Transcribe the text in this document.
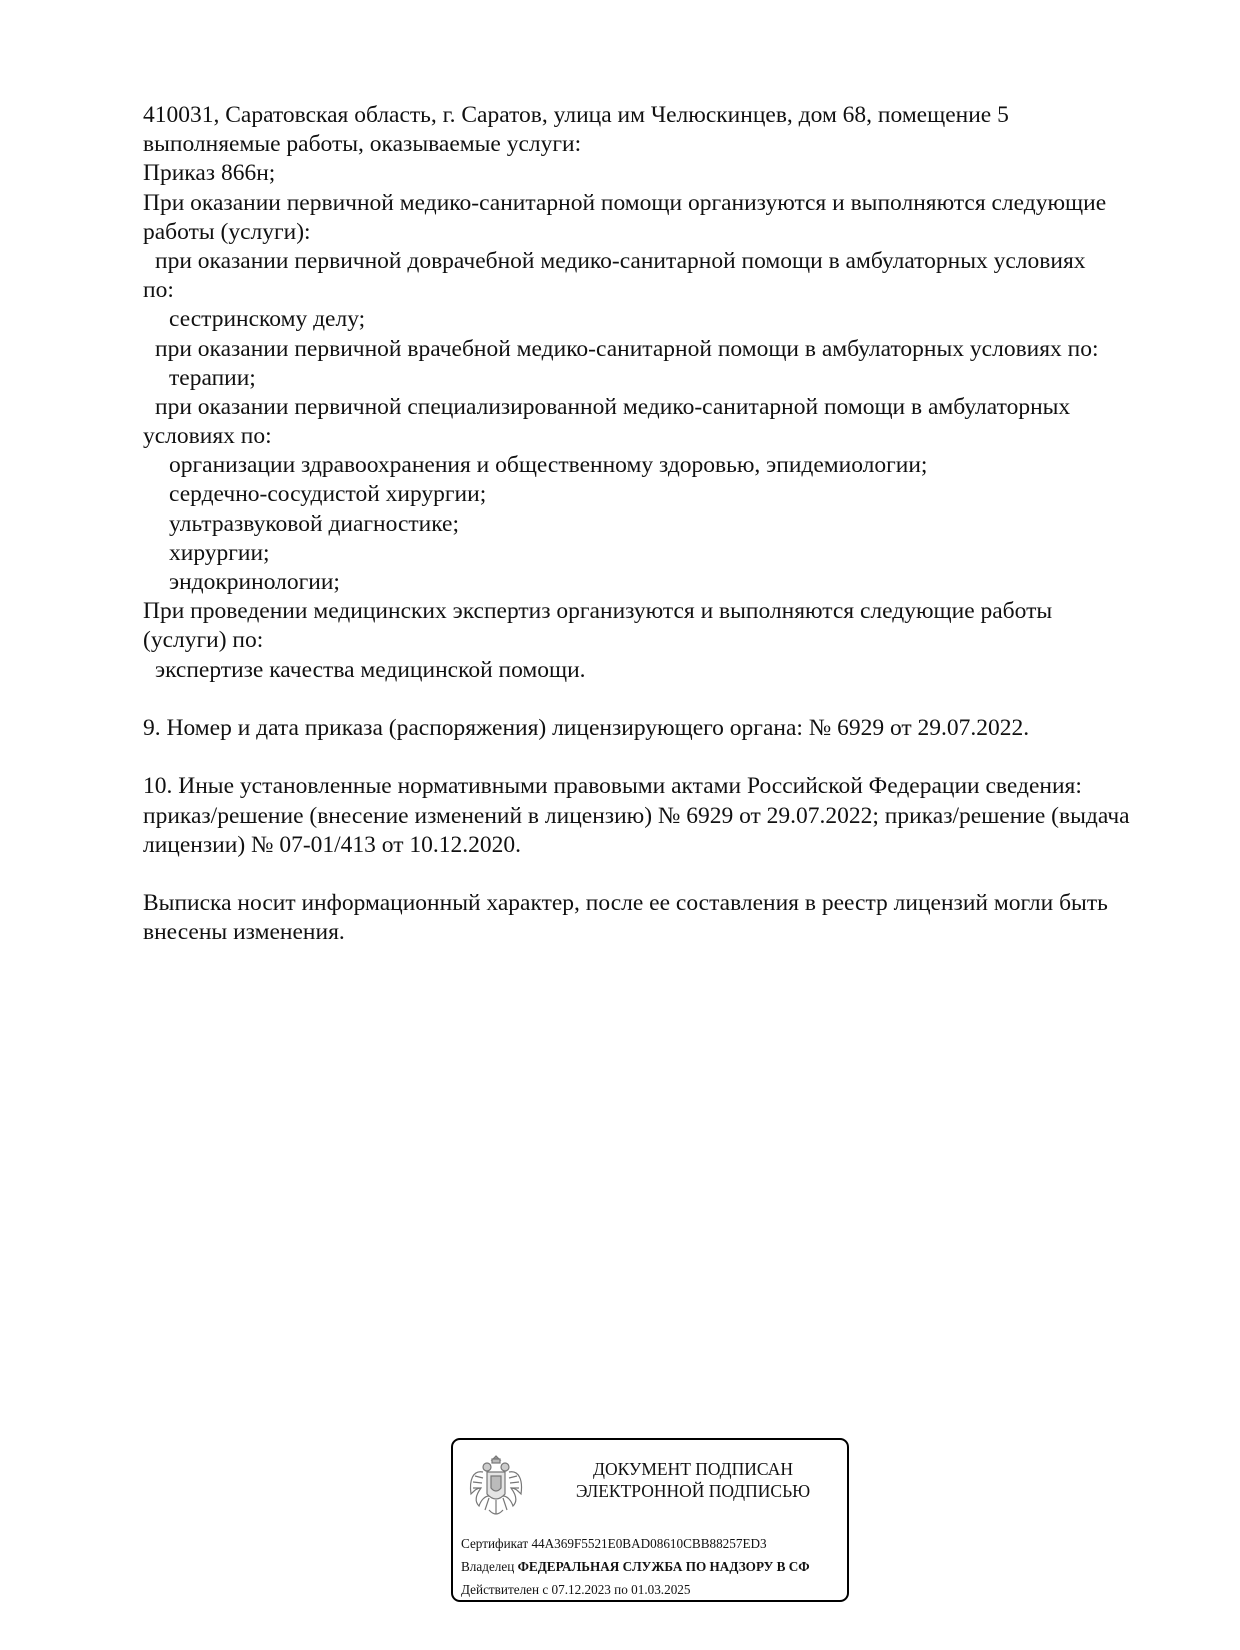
410031, Саратовская область, г. Саратов, улица им Челюскинцев, дом 68, помещение 5
выполняемые работы, оказываемые услуги:
Приказ 866н;
При оказании первичной медико-санитарной помощи организуются и выполняются следующие
работы (услуги):
при оказании первичной доврачебной медико-санитарной помощи в амбулаторных условиях
по:
сестринскому делу;
при оказании первичной врачебной медико-санитарной помощи в амбулаторных условиях по:
терапии;
при оказании первичной специализированной медико-санитарной помощи в амбулаторных
условиях по:
организации здравоохранения и общественному здоровью, эпидемиологии;
сердечно-сосудистой хирургии;
ультразвуковой диагностике;
хирургии;
эндокринологии;
При проведении медицинских экспертиз организуются и выполняются следующие работы
(услуги) по:
экспертизе качества медицинской помощи.
9. Номер и дата приказа (распоряжения) лицензирующего органа: № 6929 от 29.07.2022.
10. Иные установленные нормативными правовыми актами Российской Федерации сведения:
приказ/решение (внесение изменений в лицензию) № 6929 от 29.07.2022; приказ/решение (выдача
лицензии) № 07-01/413 от 10.12.2020.
Выписка носит информационный характер, после ее составления в реестр лицензий могли быть
внесены изменения.
ДОКУМЕНТ ПОДПИСАН
ЭЛЕКТРОННОЙ ПОДПИСЬЮ
Сертификат 44A369F5521E0BAD08610CBB88257ED3
Владелец ФЕДЕРАЛЬНАЯ СЛУЖБА ПО НАДЗОРУ В СФ
Действителен с 07.12.2023 по 01.03.2025
